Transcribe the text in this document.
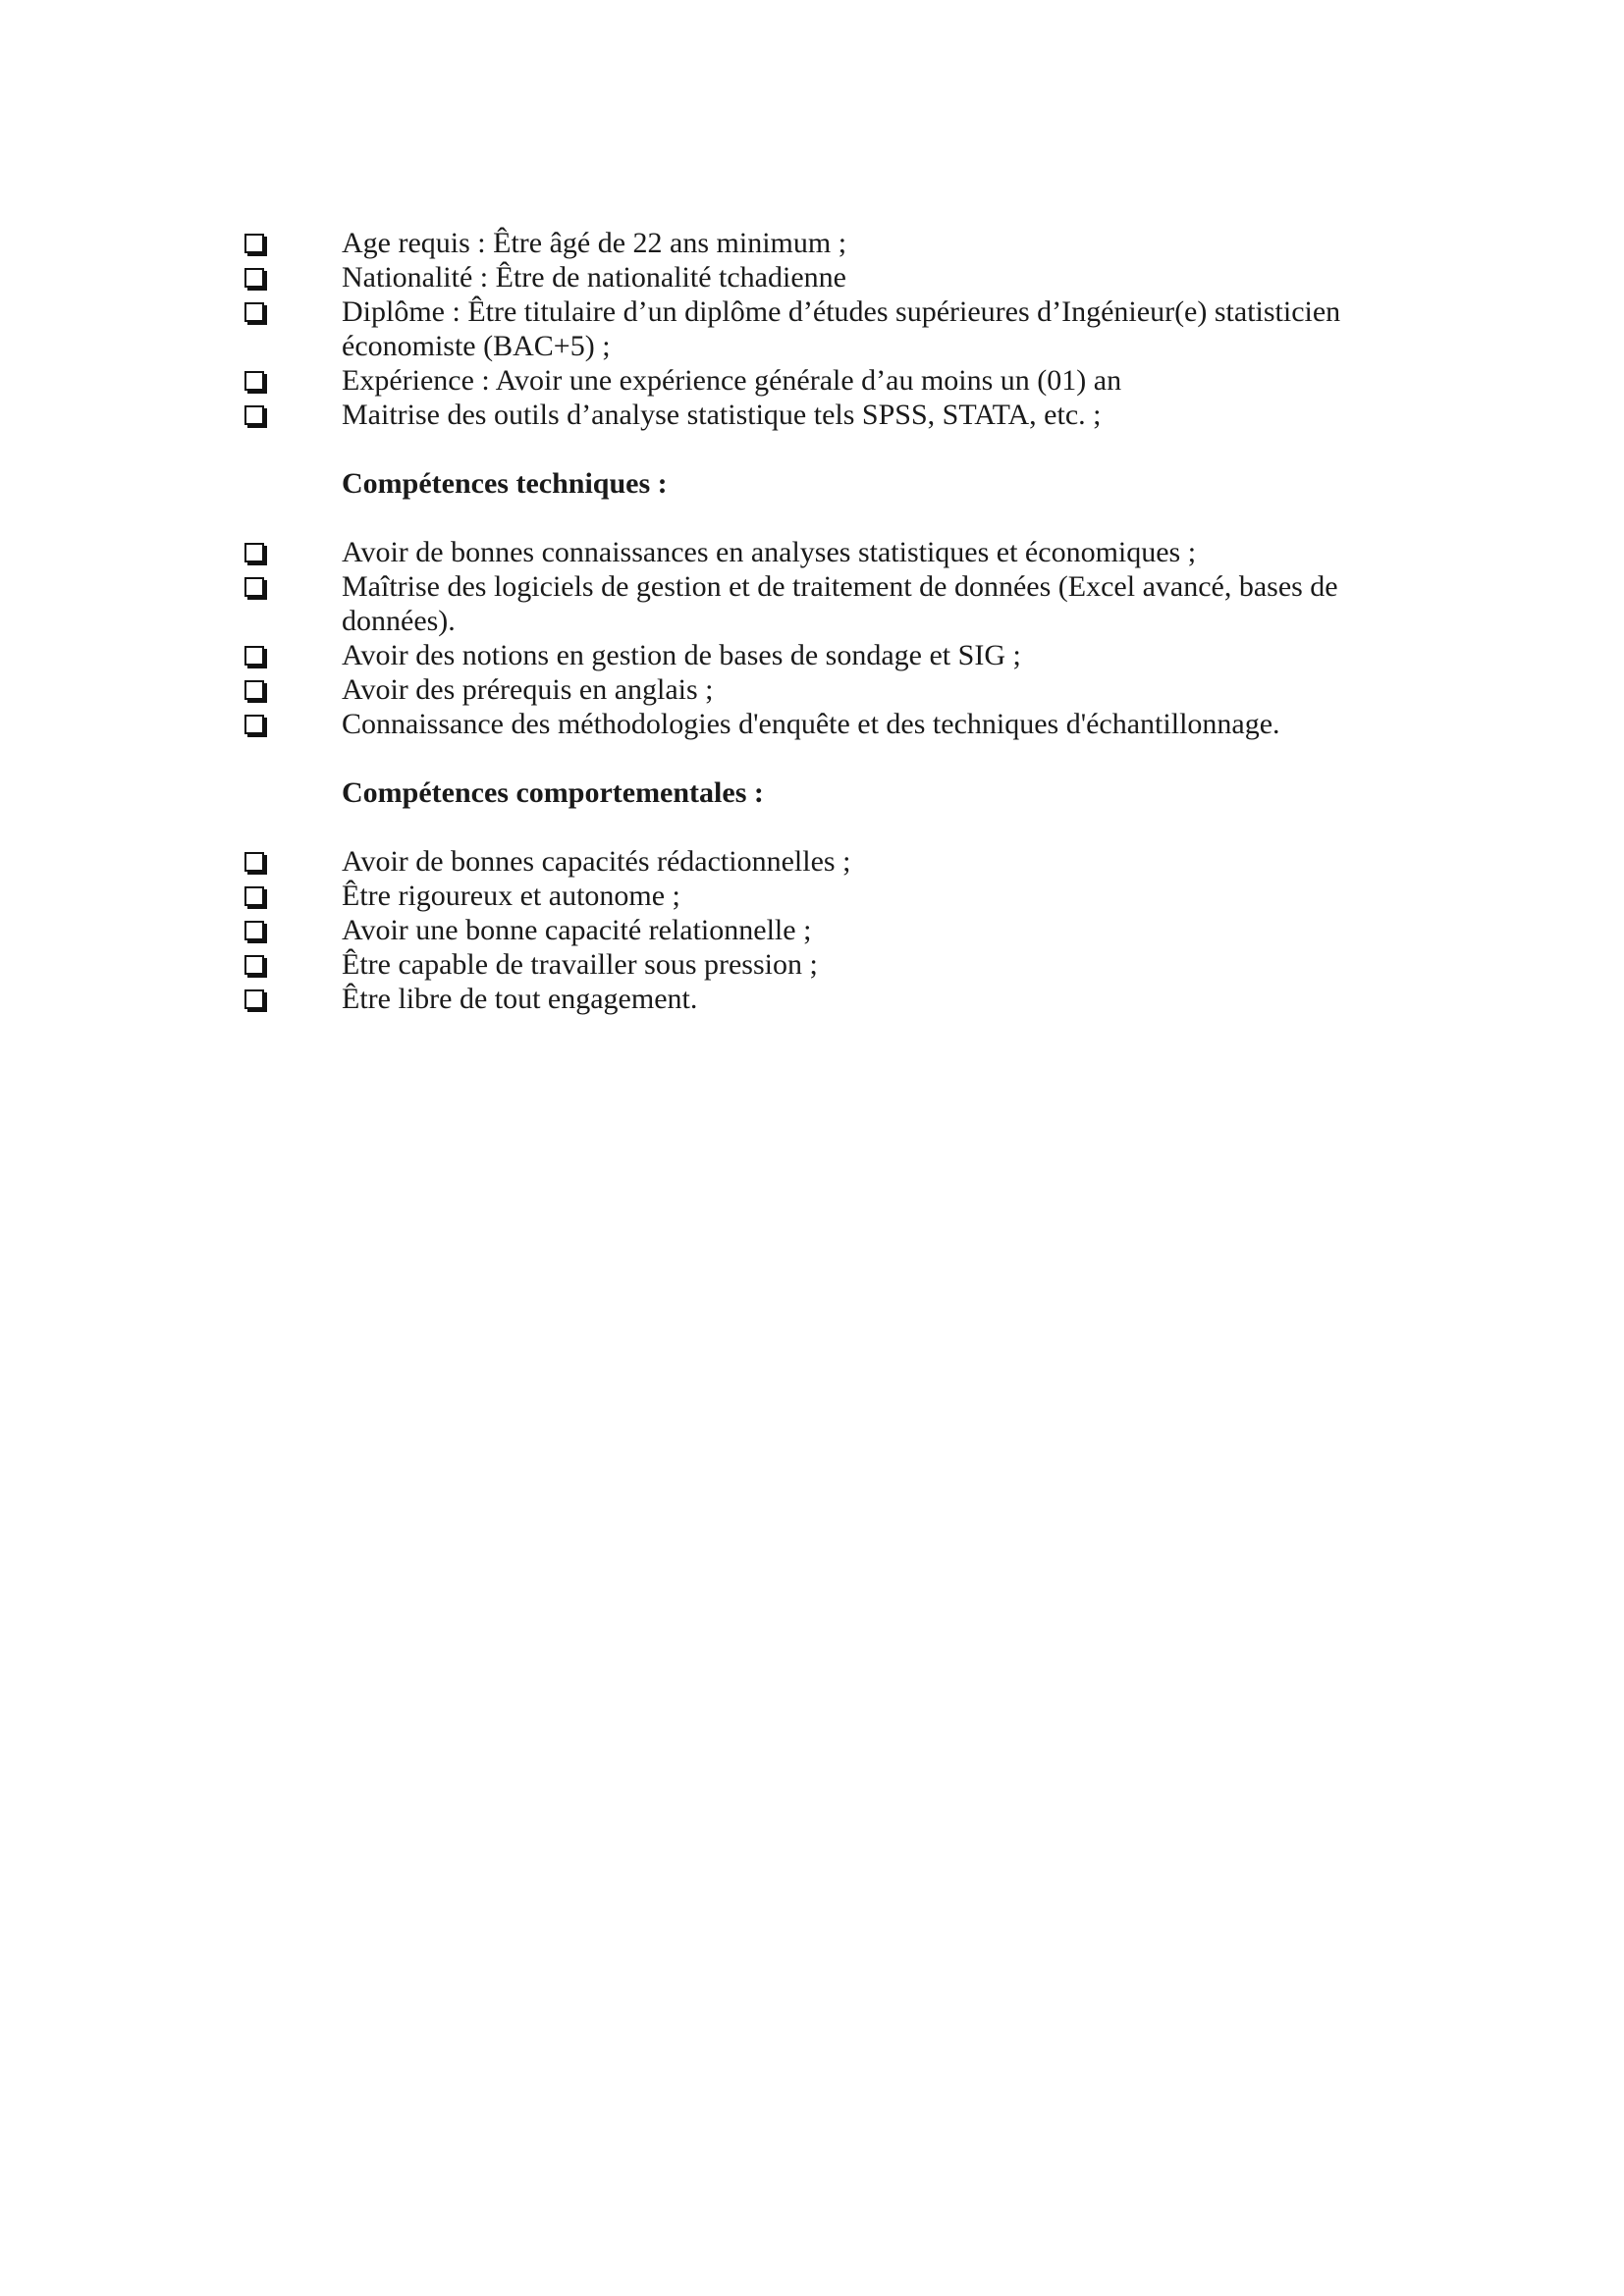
Age requis : Être âgé de 22 ans minimum ;
Nationalité : Être de nationalité tchadienne
Diplôme : Être titulaire d’un diplôme d’études supérieures d’Ingénieur(e) statisticien économiste (BAC+5) ;
Expérience : Avoir une expérience générale d’au moins un (01) an
Maitrise des outils d’analyse statistique tels SPSS, STATA, etc. ;
Compétences techniques :
Avoir de bonnes connaissances en analyses statistiques et économiques ;
Maîtrise des logiciels de gestion et de traitement de données (Excel avancé, bases de données).
Avoir des notions en gestion de bases de sondage et SIG ;
Avoir des prérequis en anglais ;
Connaissance des méthodologies d'enquête et des techniques d'échantillonnage.
Compétences comportementales :
Avoir de bonnes capacités rédactionnelles ;
Être rigoureux et autonome ;
Avoir une bonne capacité relationnelle ;
Être capable de travailler sous pression ;
Être libre de tout engagement.
